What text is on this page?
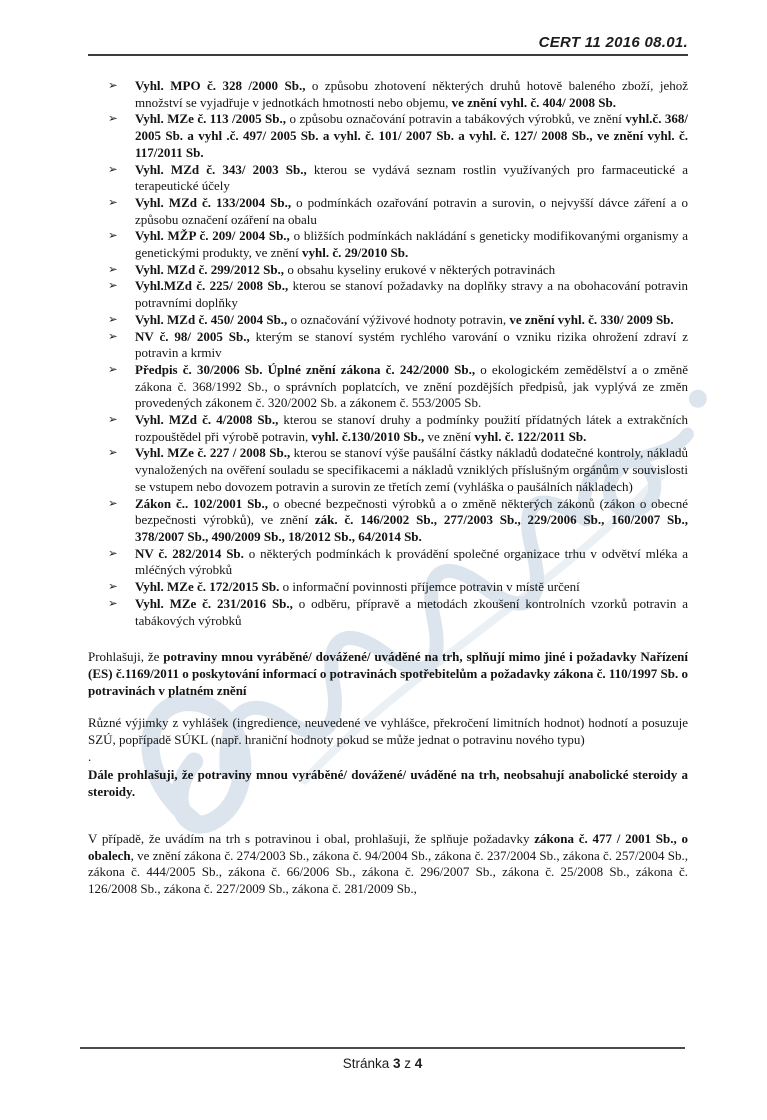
CERT 11 2016 08.01.
➢ Vyhl. MPO č. 328 /2000 Sb., o způsobu zhotovení některých druhů hotově baleného zboží, jehož množství se vyjadřuje v jednotkách hmotnosti nebo objemu, ve znění vyhl. č. 404/ 2008 Sb.
➢ Vyhl. MZe č. 113 /2005 Sb., o způsobu označování potravin a tabákových výrobků, ve znění vyhl.č. 368/ 2005 Sb. a vyhl .č. 497/ 2005 Sb. a vyhl. č. 101/ 2007 Sb. a vyhl. č. 127/ 2008 Sb., ve znění vyhl. č. 117/2011 Sb.
➢ Vyhl. MZd č. 343/ 2003 Sb., kterou se vydává seznam rostlin využívaných pro farmaceutické a terapeutické účely
➢ Vyhl. MZd č. 133/2004 Sb., o podmínkách ozařování potravin a surovin, o nejvyšší dávce záření a o způsobu označení ozáření na obalu
➢ Vyhl. MŽP č. 209/ 2004 Sb., o bližších podmínkách nakládání s geneticky modifikovanými organismy a genetickými produkty, ve znění vyhl. č. 29/2010 Sb.
➢ Vyhl. MZd č. 299/2012 Sb., o obsahu kyseliny erukové v některých potravinách
➢ Vyhl.MZd č. 225/ 2008 Sb., kterou se stanoví požadavky na doplňky stravy a na obohacování potravin potravními doplňky
➢ Vyhl. MZd č. 450/ 2004 Sb., o označování výživové hodnoty potravin, ve znění vyhl. č. 330/ 2009 Sb.
➢ NV č. 98/ 2005 Sb., kterým se stanoví systém rychlého varování o vzniku rizika ohrožení zdraví z potravin a krmiv
➢ Předpis č. 30/2006 Sb. Úplné znění zákona č. 242/2000 Sb., o ekologickém zemědělství a o změně zákona č. 368/1992 Sb., o správních poplatcích, ve znění pozdějších předpisů, jak vyplývá ze změn provedených zákonem č. 320/2002 Sb. a zákonem č. 553/2005 Sb.
➢ Vyhl. MZd č. 4/2008 Sb., kterou se stanoví druhy a podmínky použití přídatných látek a extrakčních rozpouštědel při výrobě potravin, vyhl. č.130/2010 Sb., ve znění vyhl. č. 122/2011 Sb.
➢ Vyhl. MZe č. 227 / 2008 Sb., kterou se stanoví výše paušální částky nákladů dodatečné kontroly, nákladů vynaložených na ověření souladu se specifikacemi a nákladů vzniklých příslušným orgánům v souvislosti se vstupem nebo dovozem potravin a surovin ze třetích zemí (vyhláška o paušálních nákladech)
➢ Zákon č.. 102/2001 Sb., o obecné bezpečnosti výrobků a o změně některých zákonů (zákon o obecné bezpečnosti výrobků), ve znění zák. č. 146/2002 Sb., 277/2003 Sb., 229/2006 Sb., 160/2007 Sb., 378/2007 Sb., 490/2009 Sb., 18/2012 Sb., 64/2014 Sb.
➢ NV č. 282/2014 Sb. o některých podmínkách k provádění společné organizace trhu v odvětví mléka a mléčných výrobků
➢ Vyhl. MZe č. 172/2015 Sb. o informační povinnosti příjemce potravin v místě určení
➢ Vyhl. MZe č. 231/2016 Sb., o odběru, přípravě a metodách zkoušení kontrolních vzorků potravin a tabákových výrobků

Prohlašuji, že potraviny mnou vyráběné/ dovážené/ uváděné na trh, splňují mimo jiné i požadavky Nařízení (ES) č.1169/2011 o poskytování informací o potravinách spotřebitelům a požadavky zákona č. 110/1997 Sb. o potravinách v platném znění

Různé výjimky z vyhlášek (ingredience, neuvedené ve vyhlášce, překročení limitních hodnot) hodnotí a posuzuje SZÚ, popřípadě SÚKL (např. hraniční hodnoty pokud se může jednat o potravinu nového typu)

.

Dále prohlašuji, že potraviny mnou vyráběné/ dovážené/ uváděné na trh, neobsahují anabolické steroidy a steroidy.

V případě, že uvádím na trh s potravinou i obal, prohlašuji, že splňuje požadavky zákona č. 477 / 2001 Sb., o obalech, ve znění zákona č. 274/2003 Sb., zákona č. 94/2004 Sb., zákona č. 237/2004 Sb., zákona č. 257/2004 Sb., zákona č. 444/2005 Sb., zákona č. 66/2006 Sb., zákona č. 296/2007 Sb., zákona č. 25/2008 Sb., zákona č. 126/2008 Sb., zákona č. 227/2009 Sb., zákona č. 281/2009 Sb.,

Stránka 3 z 4
